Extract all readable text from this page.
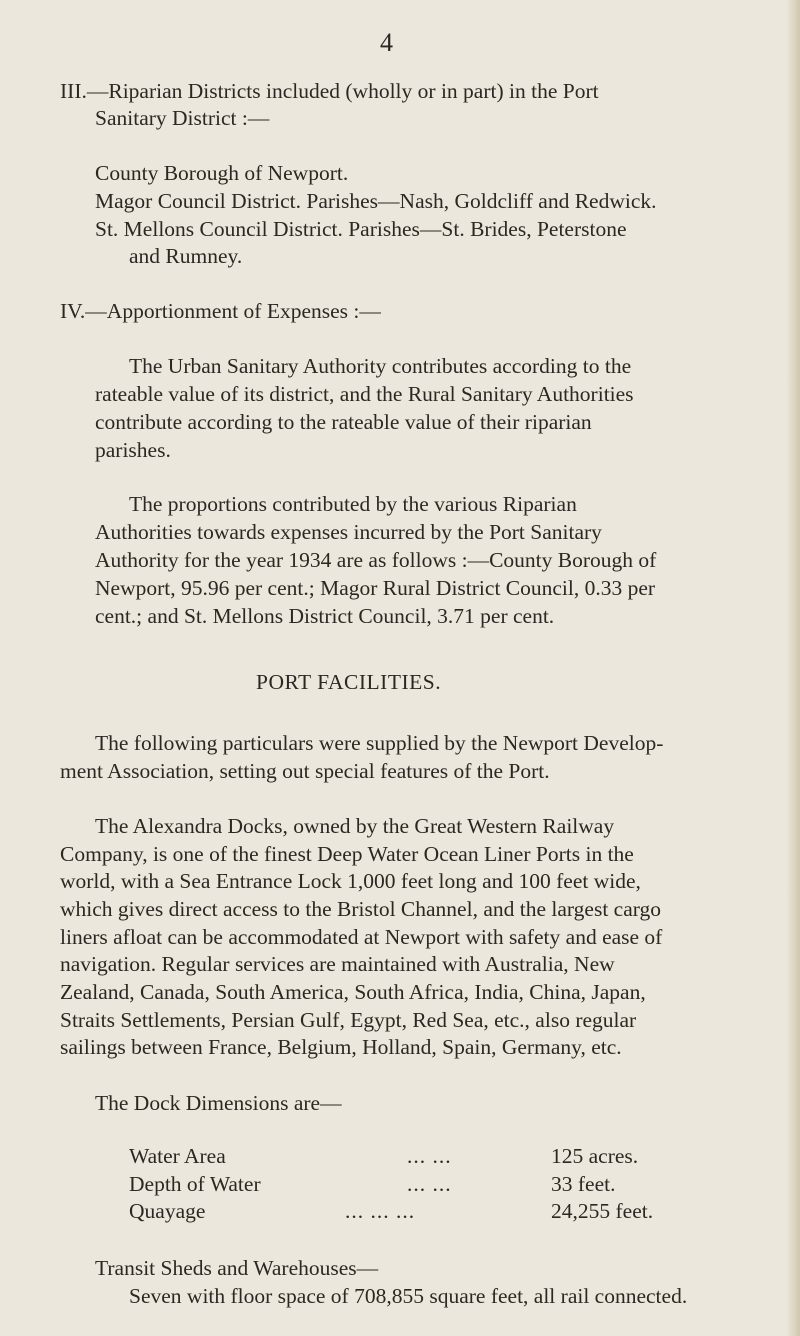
4
III.—Riparian Districts included (wholly or in part) in the Port
Sanitary District :—
County Borough of Newport.
Magor Council District. Parishes—Nash, Goldcliff and Redwick.
St. Mellons Council District. Parishes—St. Brides, Peterstone
and Rumney.
IV.—Apportionment of Expenses :—
The Urban Sanitary Authority contributes according to the
rateable value of its district, and the Rural Sanitary Authorities
contribute according to the rateable value of their riparian
parishes.
The proportions contributed by the various Riparian
Authorities towards expenses incurred by the Port Sanitary
Authority for the year 1934 are as follows :—County Borough of
Newport, 95.96 per cent.; Magor Rural District Council, 0.33 per
cent.; and St. Mellons District Council, 3.71 per cent.
PORT FACILITIES.
The following particulars were supplied by the Newport Develop-
ment Association, setting out special features of the Port.
The Alexandra Docks, owned by the Great Western Railway
Company, is one of the finest Deep Water Ocean Liner Ports in the
world, with a Sea Entrance Lock 1,000 feet long and 100 feet wide,
which gives direct access to the Bristol Channel, and the largest cargo
liners afloat can be accommodated at Newport with safety and ease of
navigation. Regular services are maintained with Australia, New
Zealand, Canada, South America, South Africa, India, China, Japan,
Straits Settlements, Persian Gulf, Egypt, Red Sea, etc., also regular
sailings between France, Belgium, Holland, Spain, Germany, etc.
The Dock Dimensions are—
Water Area	... ...	125 acres.
Depth of Water	... ...	33 feet.
Quayage	... ... ...	24,255 feet.
Transit Sheds and Warehouses—
Seven with floor space of 708,855 square feet, all rail connected.
